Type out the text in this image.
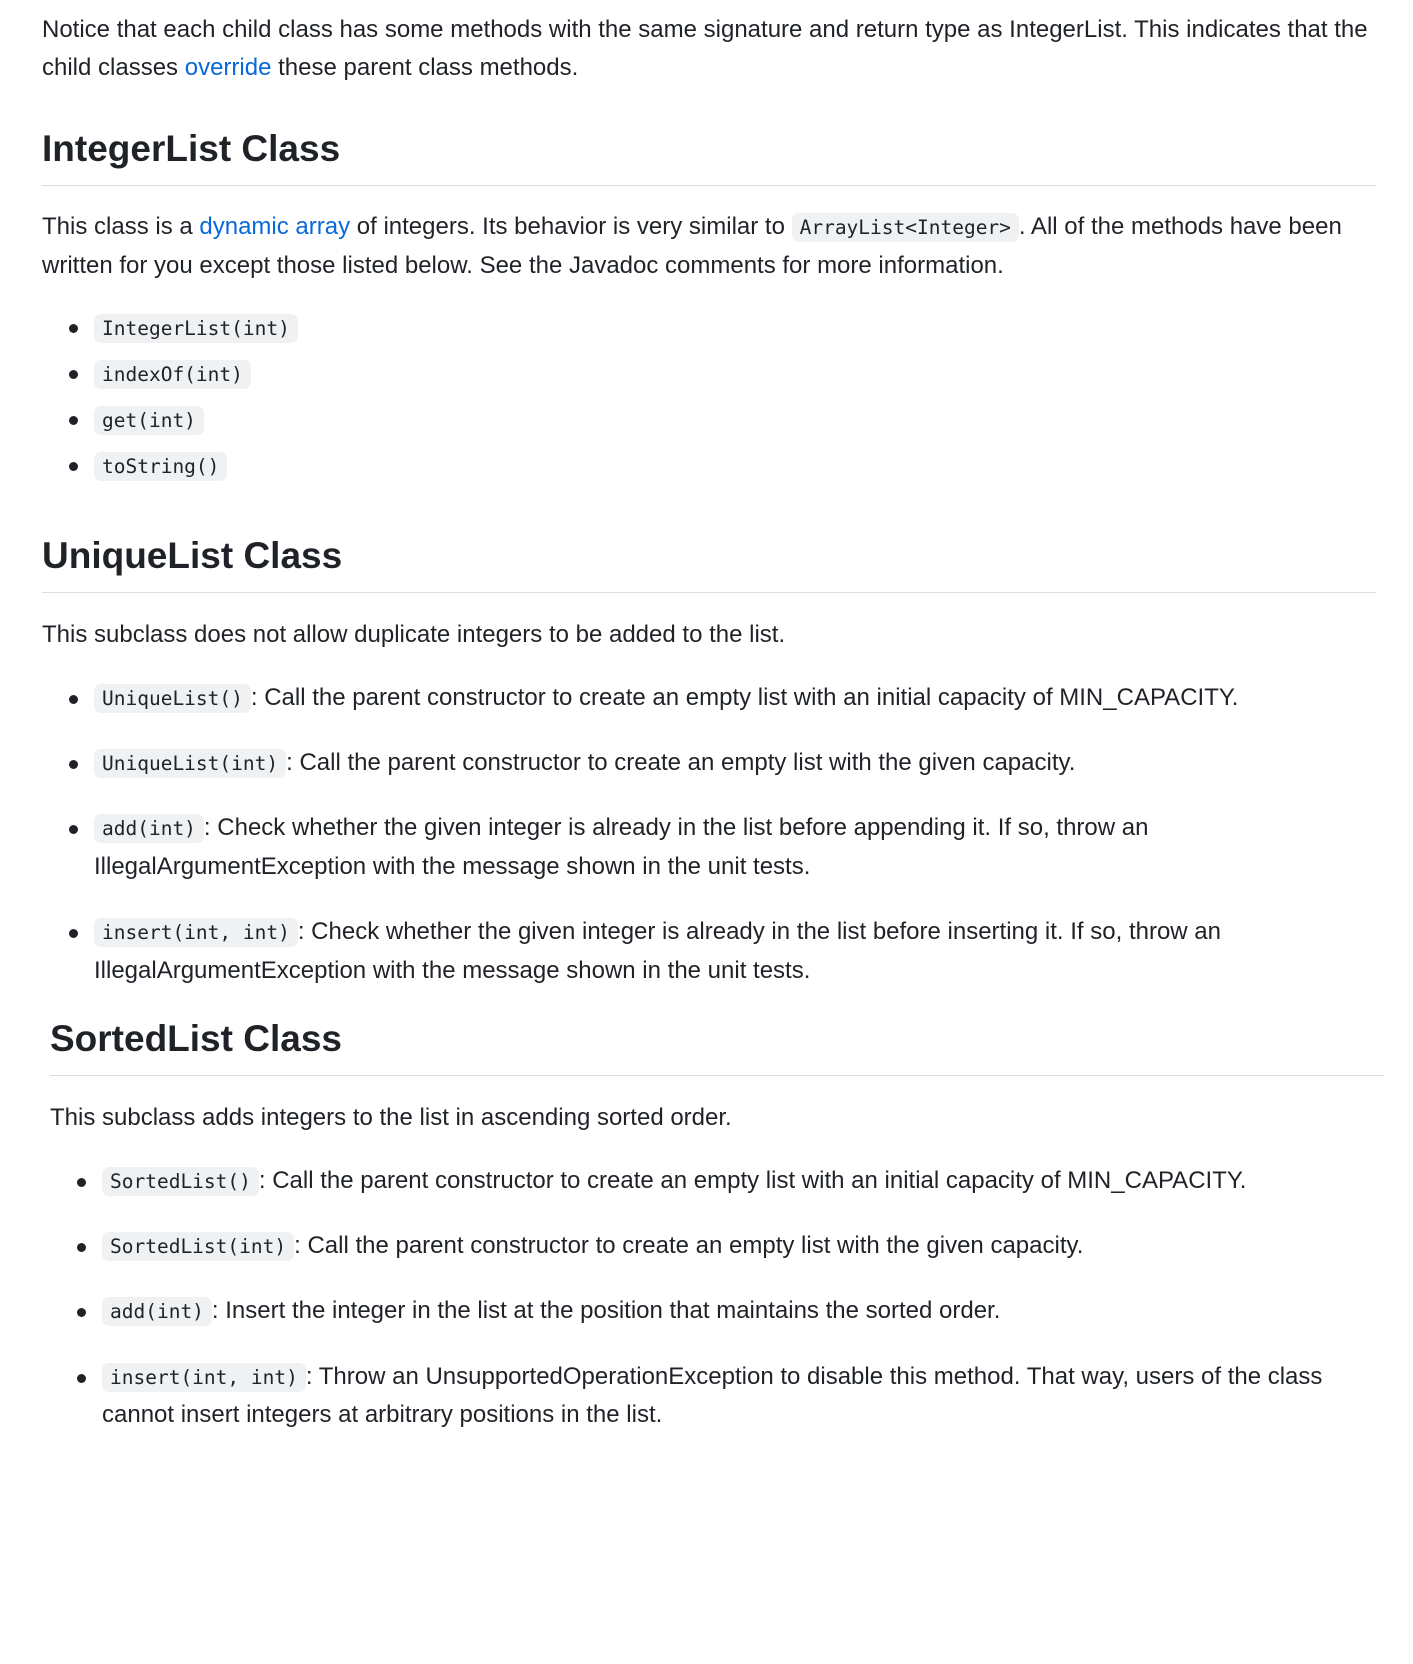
Notice that each child class has some methods with the same signature and return type as IntegerList. This indicates that the child classes override these parent class methods.

IntegerList Class

This class is a dynamic array of integers. Its behavior is very similar to ArrayList<Integer> . All of the methods have been written for you except those listed below. See the Javadoc comments for more information.

IntegerList(int)
indexOf(int)
get(int)
toString()
UniqueList Class

This subclass does not allow duplicate integers to be added to the list.

UniqueList() : Call the parent constructor to create an empty list with an initial capacity of MIN_CAPACITY.
UniqueList(int) : Call the parent constructor to create an empty list with the given capacity.
add(int) : Check whether the given integer is already in the list before appending it. If so, throw an IllegalArgumentException with the message shown in the unit tests.
insert(int, int) : Check whether the given integer is already in the list before inserting it. If so, throw an IllegalArgumentException with the message shown in the unit tests.
SortedList Class

This subclass adds integers to the list in ascending sorted order.

SortedList() : Call the parent constructor to create an empty list with an initial capacity of MIN_CAPACITY.
SortedList(int) : Call the parent constructor to create an empty list with the given capacity.
add(int) : Insert the integer in the list at the position that maintains the sorted order.
insert(int, int) : Throw an UnsupportedOperationException to disable this method. That way, users of the class cannot insert integers at arbitrary positions in the list.
